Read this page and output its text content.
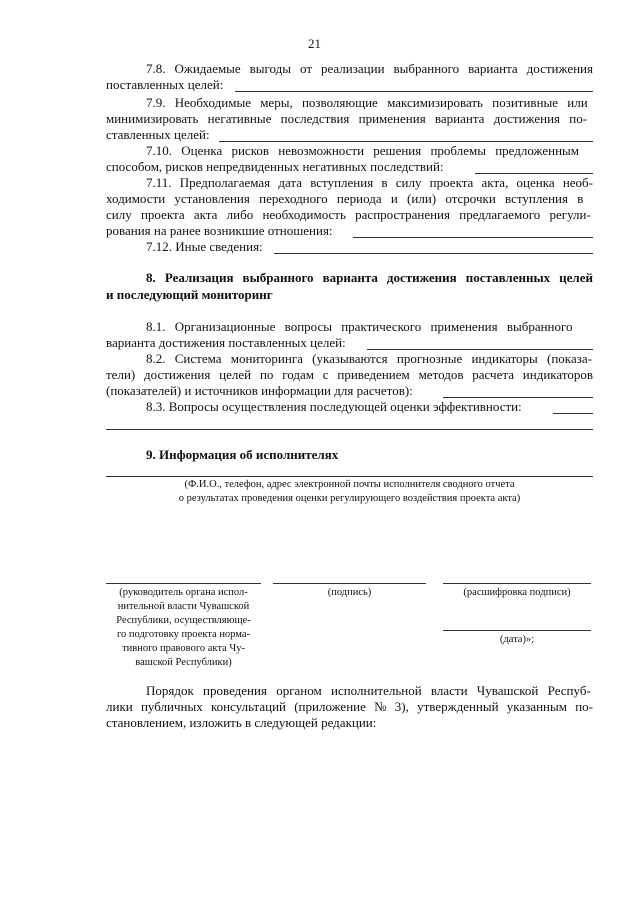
21
7.8. Ожидаемые выгоды от реализации выбранного варианта достижения
поставленных целей:
7.9. Необходимые меры, позволяющие максимизировать позитивные или
минимизировать негативные последствия применения варианта достижения по-
ставленных целей:
7.10. Оценка рисков невозможности решения проблемы предложенным
способом, рисков непредвиденных негативных последствий:
7.11. Предполагаемая дата вступления в силу проекта акта, оценка необ-
ходимости установления переходного периода и (или) отсрочки вступления в
силу проекта акта либо необходимость распространения предлагаемого регули-
рования на ранее возникшие отношения:
7.12. Иные сведения:
8. Реализация выбранного варианта достижения поставленных целей
и последующий мониторинг
8.1. Организационные вопросы практического применения выбранного
варианта достижения поставленных целей:
8.2. Система мониторинга (указываются прогнозные индикаторы (показа-
тели) достижения целей по годам с приведением методов расчета индикаторов
(показателей) и источников информации для расчетов):
8.3. Вопросы осуществления последующей оценки эффективности:
9. Информация об исполнителях
(Ф.И.О., телефон, адрес электронной почты исполнителя сводного отчета
о результатах проведения оценки регулирующего воздействия проекта акта)
(руководитель органа испол-
нительной власти Чувашской
Республики, осуществляюще-
го подготовку проекта норма-
тивного правового акта Чу-
вашской Республики)
(подпись)	(расшифровка подписи)
(дата)»;
Порядок проведения органом исполнительной власти Чувашской Респуб-
лики публичных консультаций (приложение № 3), утвержденный указанным по-
становлением, изложить в следующей редакции:
